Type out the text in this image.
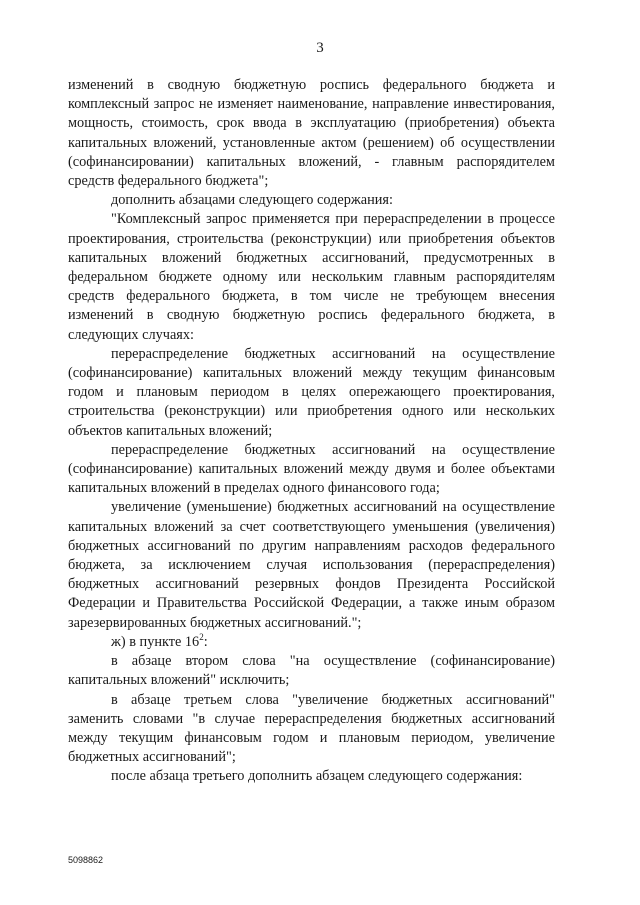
3

изменений в сводную бюджетную роспись федерального бюджета и комплексный запрос не изменяет наименование, направление инвестирования, мощность, стоимость, срок ввода в эксплуатацию (приобретения) объекта капитальных вложений, установленные актом (решением) об осуществлении (софинансировании) капитальных вложений, - главным распорядителем средств федерального бюджета";

дополнить абзацами следующего содержания:

"Комплексный запрос применяется при перераспределении в процессе проектирования, строительства (реконструкции) или приобретения объектов капитальных вложений бюджетных ассигнований, предусмотренных в федеральном бюджете одному или нескольким главным распорядителям средств федерального бюджета, в том числе не требующем внесения изменений в сводную бюджетную роспись федерального бюджета, в следующих случаях:

перераспределение бюджетных ассигнований на осуществление (софинансирование) капитальных вложений между текущим финансовым годом и плановым периодом в целях опережающего проектирования, строительства (реконструкции) или приобретения одного или нескольких объектов капитальных вложений;

перераспределение бюджетных ассигнований на осуществление (софинансирование) капитальных вложений между двумя и более объектами капитальных вложений в пределах одного финансового года;

увеличение (уменьшение) бюджетных ассигнований на осуществление капитальных вложений за счет соответствующего уменьшения (увеличения) бюджетных ассигнований по другим направлениям расходов федерального бюджета, за исключением случая использования (перераспределения) бюджетных ассигнований резервных фондов Президента Российской Федерации и Правительства Российской Федерации, а также иным образом зарезервированных бюджетных ассигнований.";

ж) в пункте $16^2$:

в абзаце втором слова "на осуществление (софинансирование) капитальных вложений" исключить;

в абзаце третьем слова "увеличение бюджетных ассигнований" заменить словами "в случае перераспределения бюджетных ассигнований между текущим финансовым годом и плановым периодом, увеличение бюджетных ассигнований";

после абзаца третьего дополнить абзацем следующего содержания:

5098862
